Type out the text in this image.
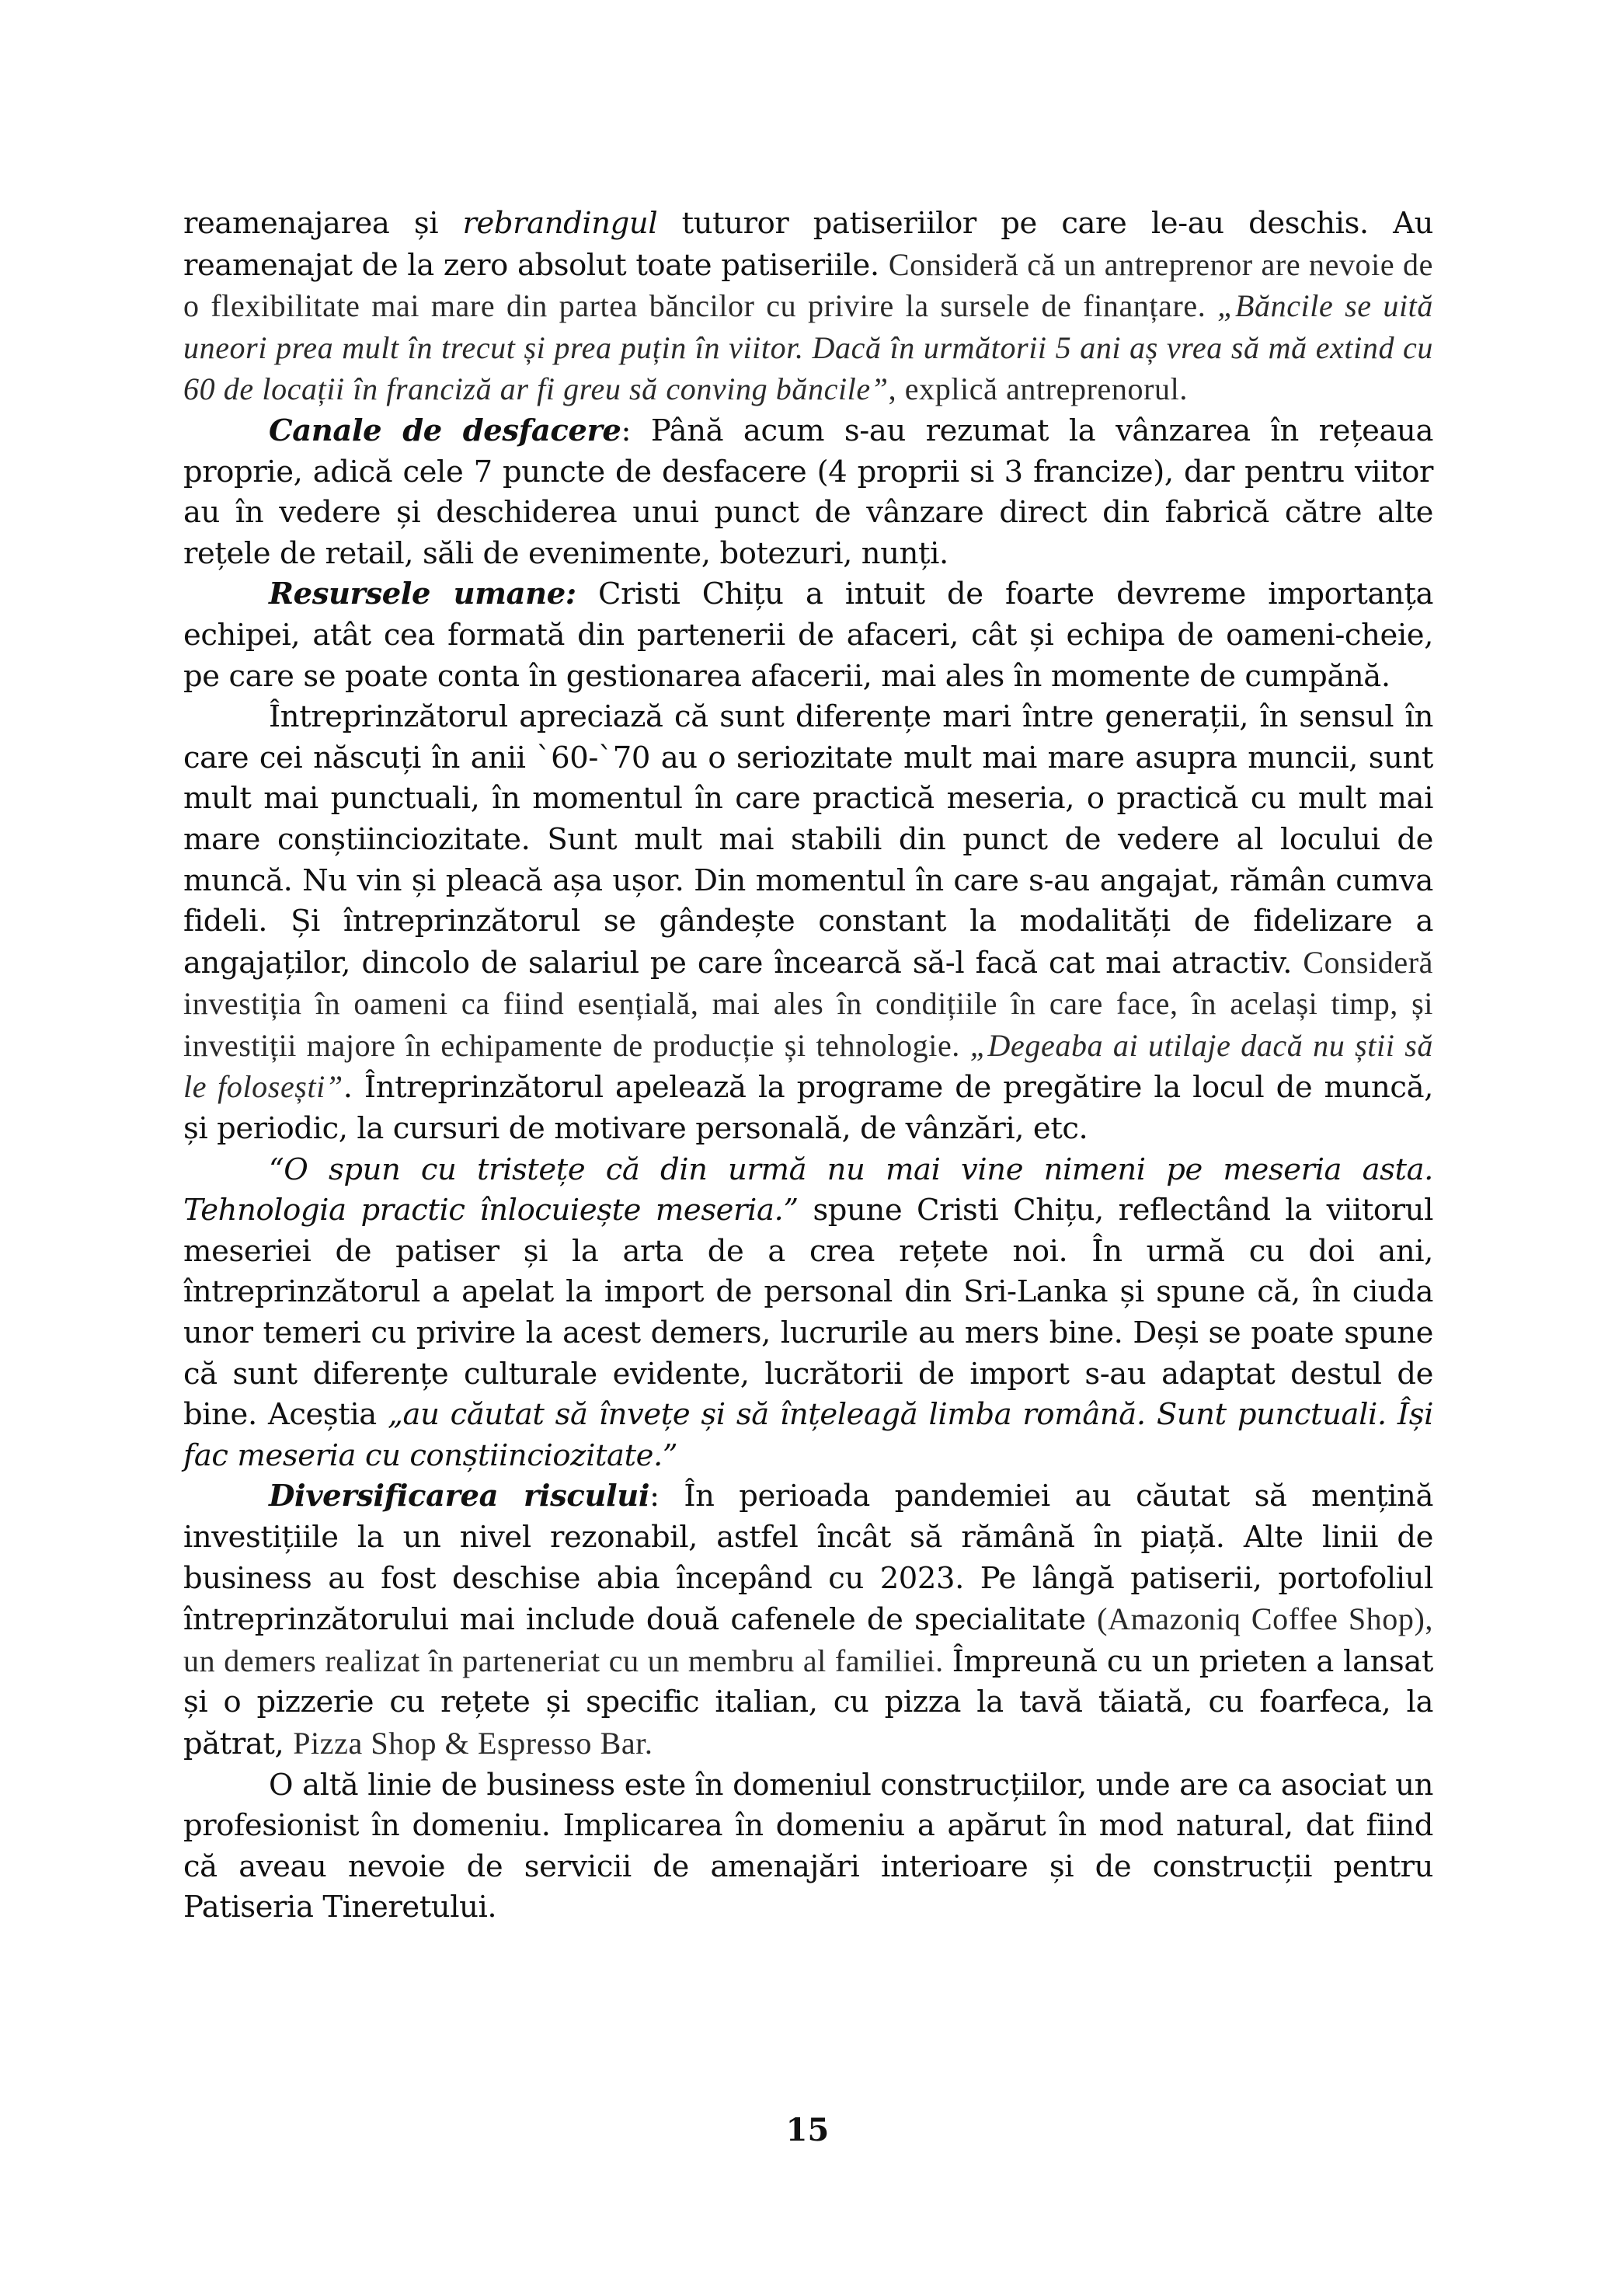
reamenajarea și rebrandingul tuturor patiseriilor pe care le-au deschis. Au reamenajat de la zero absolut toate patiseriile. Consideră că un antreprenor are nevoie de o flexibilitate mai mare din partea băncilor cu privire la sursele de finanțare. „Băncile se uită uneori prea mult în trecut și prea puțin în viitor. Dacă în următorii 5 ani aș vrea să mă extind cu 60 de locații în franciză ar fi greu să conving băncile”, explică antreprenorul.

Canale de desfacere: Până acum s-au rezumat la vânzarea în rețeaua proprie, adică cele 7 puncte de desfacere (4 proprii si 3 francize), dar pentru viitor au în vedere și deschiderea unui punct de vânzare direct din fabrică către alte rețele de retail, săli de evenimente, botezuri, nunți.

Resursele umane: Cristi Chițu a intuit de foarte devreme importanța echipei, atât cea formată din partenerii de afaceri, cât și echipa de oameni-cheie, pe care se poate conta în gestionarea afacerii, mai ales în momente de cumpănă.

Întreprinzătorul apreciază că sunt diferențe mari între generații, în sensul în care cei născuți în anii `60-`70 au o seriozitate mult mai mare asupra muncii, sunt mult mai punctuali, în momentul în care practică meseria, o practică cu mult mai mare conștiinciozitate. Sunt mult mai stabili din punct de vedere al locului de muncă. Nu vin și pleacă așa ușor. Din momentul în care s-au angajat, rămân cumva fideli. Și întreprinzătorul se gândește constant la modalități de fidelizare a angajaților, dincolo de salariul pe care încearcă să-l facă cat mai atractiv. Consideră investiția în oameni ca fiind esențială, mai ales în condițiile în care face, în același timp, și investiții majore în echipamente de producție și tehnologie. „Degeaba ai utilaje dacă nu știi să le folosești”. Întreprinzătorul apelează la programe de pregătire la locul de muncă, și periodic, la cursuri de motivare personală, de vânzări, etc.

“O spun cu tristețe că din urmă nu mai vine nimeni pe meseria asta. Tehnologia practic înlocuiește meseria.” spune Cristi Chițu, reflectând la viitorul meseriei de patiser și la arta de a crea rețete noi. În urmă cu doi ani, întreprinzătorul a apelat la import de personal din Sri-Lanka și spune că, în ciuda unor temeri cu privire la acest demers, lucrurile au mers bine. Deși se poate spune că sunt diferențe culturale evidente, lucrătorii de import s-au adaptat destul de bine. Aceștia „au căutat să învețe și să înțeleagă limba română. Sunt punctuali. Își fac meseria cu conștiinciozitate.”

Diversificarea riscului: În perioada pandemiei au căutat să mențină investițiile la un nivel rezonabil, astfel încât să rămână în piață. Alte linii de business au fost deschise abia începând cu 2023. Pe lângă patiserii, portofoliul întreprinzătorului mai include două cafenele de specialitate (Amazoniq Coffee Shop), un demers realizat în parteneriat cu un membru al familiei. Împreună cu un prieten a lansat și o pizzerie cu rețete și specific italian, cu pizza la tavă tăiată, cu foarfeca, la pătrat, Pizza Shop & Espresso Bar.

O altă linie de business este în domeniul construcțiilor, unde are ca asociat un profesionist în domeniu. Implicarea în domeniu a apărut în mod natural, dat fiind că aveau nevoie de servicii de amenajări interioare și de construcții pentru Patiseria Tineretului.

15
